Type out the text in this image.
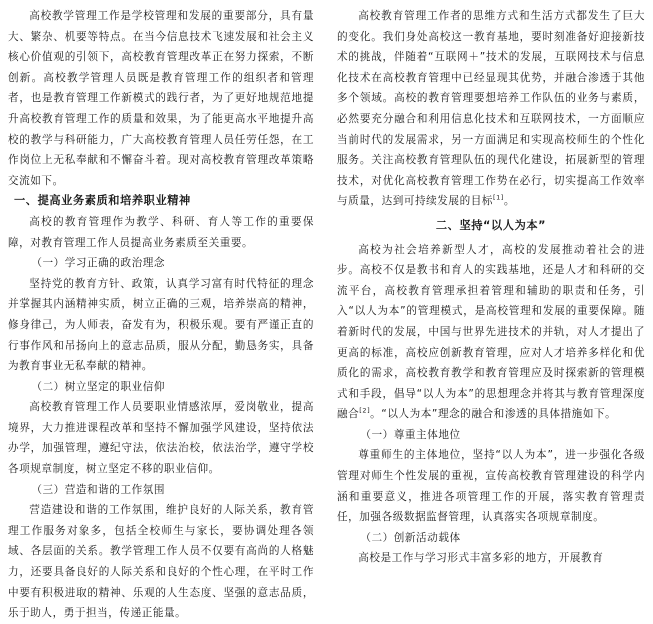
高校教学管理工作是学校管理和发展的重要部分，具有量大、繁杂、机要等特点。在当今信息技术飞速发展和社会主义核心价值观的引领下，高校教育管理改革正在努力探索，不断创新。高校教学管理人员既是教育管理工作的组织者和管理者，也是教育管理工作新模式的践行者，为了更好地规范地提升高校教育管理工作的质量和效果，为了能更高水平地提升高校的教学与科研能力，广大高校教育管理人员任劳任怨，在工作岗位上无私奉献和不懈奋斗着。现对高校教育管理改革策略交流如下。

一、提高业务素质和培养职业精神

高校的教育管理作为教学、科研、育人等工作的重要保障，对教育管理工作人员提高业务素质至关重要。

（一）学习正确的政治理念

坚持党的教育方针、政策，认真学习富有时代特征的理念并掌握其内涵精神实质，树立正确的三观，培养崇高的精神，修身律己，为人师表，奋发有为，积极乐观。要有严谨正直的行事作风和吊扬向上的意志品质，服从分配，勤恳务实，具备为教育事业无私奉献的精神。

（二）树立坚定的职业信仰

高校教育管理工作人员要职业情感浓厚，爱岗敬业，提高境界，大力推进课程改革和坚持不懈加强学风建设，坚持依法办学，加强管理，遵纪守法，依法治校，依法治学，遵守学校各项规章制度，树立坚定不移的职业信仰。

（三）营造和谐的工作氛围

营造建设和谐的工作氛围，维护良好的人际关系，教育管理工作服务对象多，包括全校师生与家长，要协调处理各领域、各层面的关系。教学管理工作人员不仅要有高尚的人格魅力，还要具备良好的人际关系和良好的个性心理，在平时工作中要有积极进取的精神、乐观的人生态度、坚强的意志品质，乐于助人，勇于担当，传递正能量。

高校教育管理工作者的思维方式和生活方式都发生了巨大的变化。我们身处高校这一教育基地，要时刻准备好迎接新技术的挑战，伴随着“互联网＋”技术的发展，互联网技术与信息化技术在高校教育管理中已经显现其优势，并融合渗透于其他多个领域。高校的教育管理要想培养工作队伍的业务与素质，必然要充分融合和利用信息化技术和互联网技术，一方面顺应当前时代的发展需求，另一方面满足和实现高校师生的个性化服务。关注高校教育管理队伍的现代化建设，拓展新型的管理技术，对优化高校教育管理工作势在必行，切实提高工作效率与质量，达到可持续发展的目标[1]。

二、坚持“以人为本”

高校为社会培养新型人才，高校的发展推动着社会的进步。高校不仅是教书和育人的实践基地，还是人才和科研的交流平台，高校教育管理承担着管理和辅助的职责和任务，引入“以人为本”的管理模式，是高校管理和发展的重要保障。随着新时代的发展，中国与世界先进技术的并轨，对人才提出了更高的标准，高校应创新教育管理，应对人才培养多样化和优质化的需求，高校教育教学和教育管理应及时探索新的管理模式和手段，倡导“以人为本”的思想理念并将其与教育管理深度融合[2]。“以人为本”理念的融合和渗透的具体措施如下。

（一）尊重主体地位

尊重师生的主体地位，坚持“以人为本”，进一步强化各级管理对师生个性发展的重视，宣传高校教育管理建设的科学内涵和重要意义，推进各项管理工作的开展，落实教育管理责任，加强各级数据监督管理，认真落实各项规章制度。

（二）创新活动载体

高校是工作与学习形式丰富多彩的地方，开展教育
